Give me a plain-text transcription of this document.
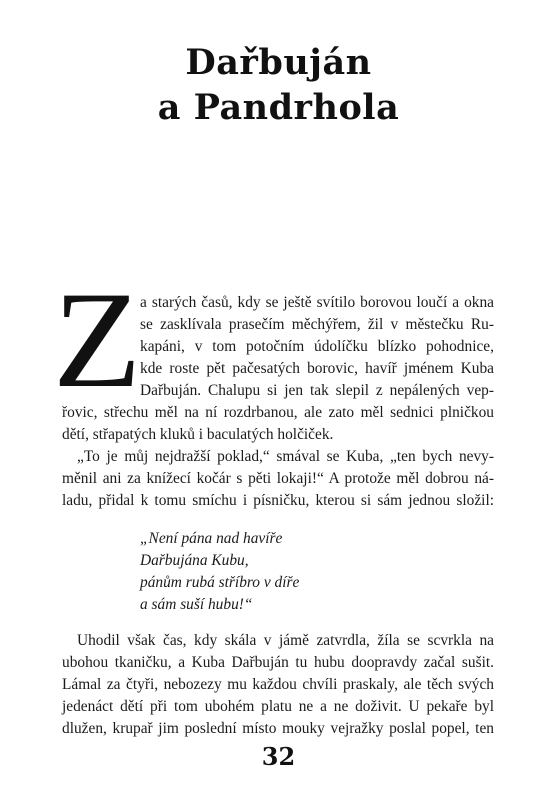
Dařbuján
a Pandrhola
Z
a starých časů, kdy se ještě svítilo borovou loučí a okna
se zasklívala prasečím měchýřem, žil v městečku Ru-
kapáni, v tom potočním údolíčku blízko pohodnice,
kde roste pět pačesatých borovic, havíř jménem Kuba
Dařbuján. Chalupu si jen tak slepil z nepálených vep-
řovic, střechu měl na ní rozdrbanou, ale zato měl sednici plničkou
dětí, střapatých kluků i baculatých holčiček.
„To je můj nejdražší poklad,“ smával se Kuba, „ten bych nevy-
měnil ani za knížecí kočár s pěti lokaji!“ A protože měl dobrou ná-
ladu, přidal k tomu smíchu i písničku, kterou si sám jednou složil:
„Není pána nad havíře
Dařbujána Kubu,
pánům rubá stříbro v díře
a sám suší hubu!“
Uhodil však čas, kdy skála v jámě zatvrdla, žíla se scvrkla na
ubohou tkaničku, a Kuba Dařbuján tu hubu doopravdy začal sušit.
Lámal za čtyři, nebozezy mu každou chvíli praskaly, ale těch svých
jedenáct dětí při tom ubohém platu ne a ne doživit. U pekaře byl
dlužen, krupař jim poslední místo mouky vejražky poslal popel, ten
32
